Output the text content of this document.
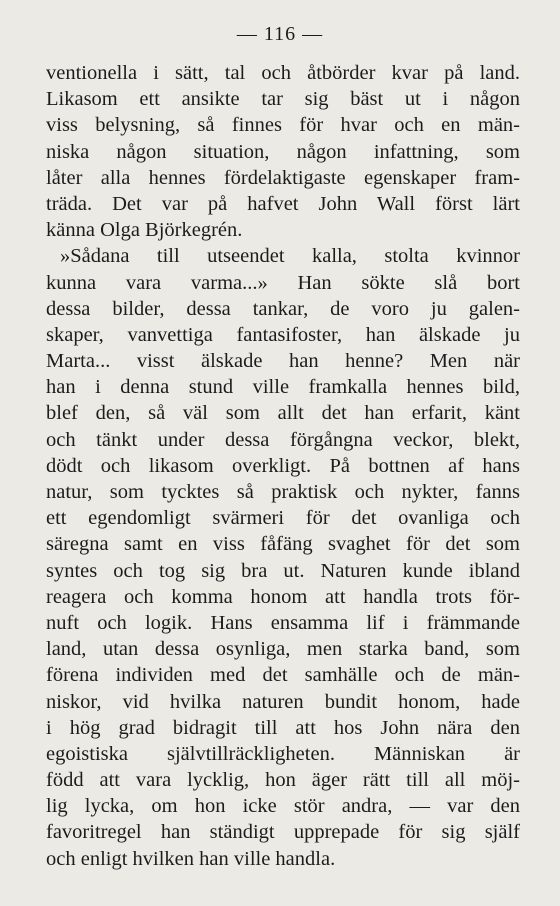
— 116 —
ventionella i sätt, tal och åtbörder kvar på land.
Likasom ett ansikte tar sig bäst ut i någon
viss belysning, så finnes för hvar och en män-
niska någon situation, någon infattning, som
låter alla hennes fördelaktigaste egenskaper fram-
träda. Det var på hafvet John Wall först lärt
känna Olga Björkegrén.
»Sådana till utseendet kalla, stolta kvinnor
kunna vara varma...» Han sökte slå bort
dessa bilder, dessa tankar, de voro ju galen-
skaper, vanvettiga fantasifoster, han älskade ju
Marta... visst älskade han henne? Men när
han i denna stund ville framkalla hennes bild,
blef den, så väl som allt det han erfarit, känt
och tänkt under dessa förgångna veckor, blekt,
dödt och likasom overkligt. På bottnen af hans
natur, som tycktes så praktisk och nykter, fanns
ett egendomligt svärmeri för det ovanliga och
säregna samt en viss fåfäng svaghet för det som
syntes och tog sig bra ut. Naturen kunde ibland
reagera och komma honom att handla trots för-
nuft och logik. Hans ensamma lif i främmande
land, utan dessa osynliga, men starka band, som
förena individen med det samhälle och de män-
niskor, vid hvilka naturen bundit honom, hade
i hög grad bidragit till att hos John nära den
egoistiska självtillräckligheten. Människan är
född att vara lycklig, hon äger rätt till all möj-
lig lycka, om hon icke stör andra, — var den
favoritregel han ständigt upprepade för sig själf
och enligt hvilken han ville handla.
